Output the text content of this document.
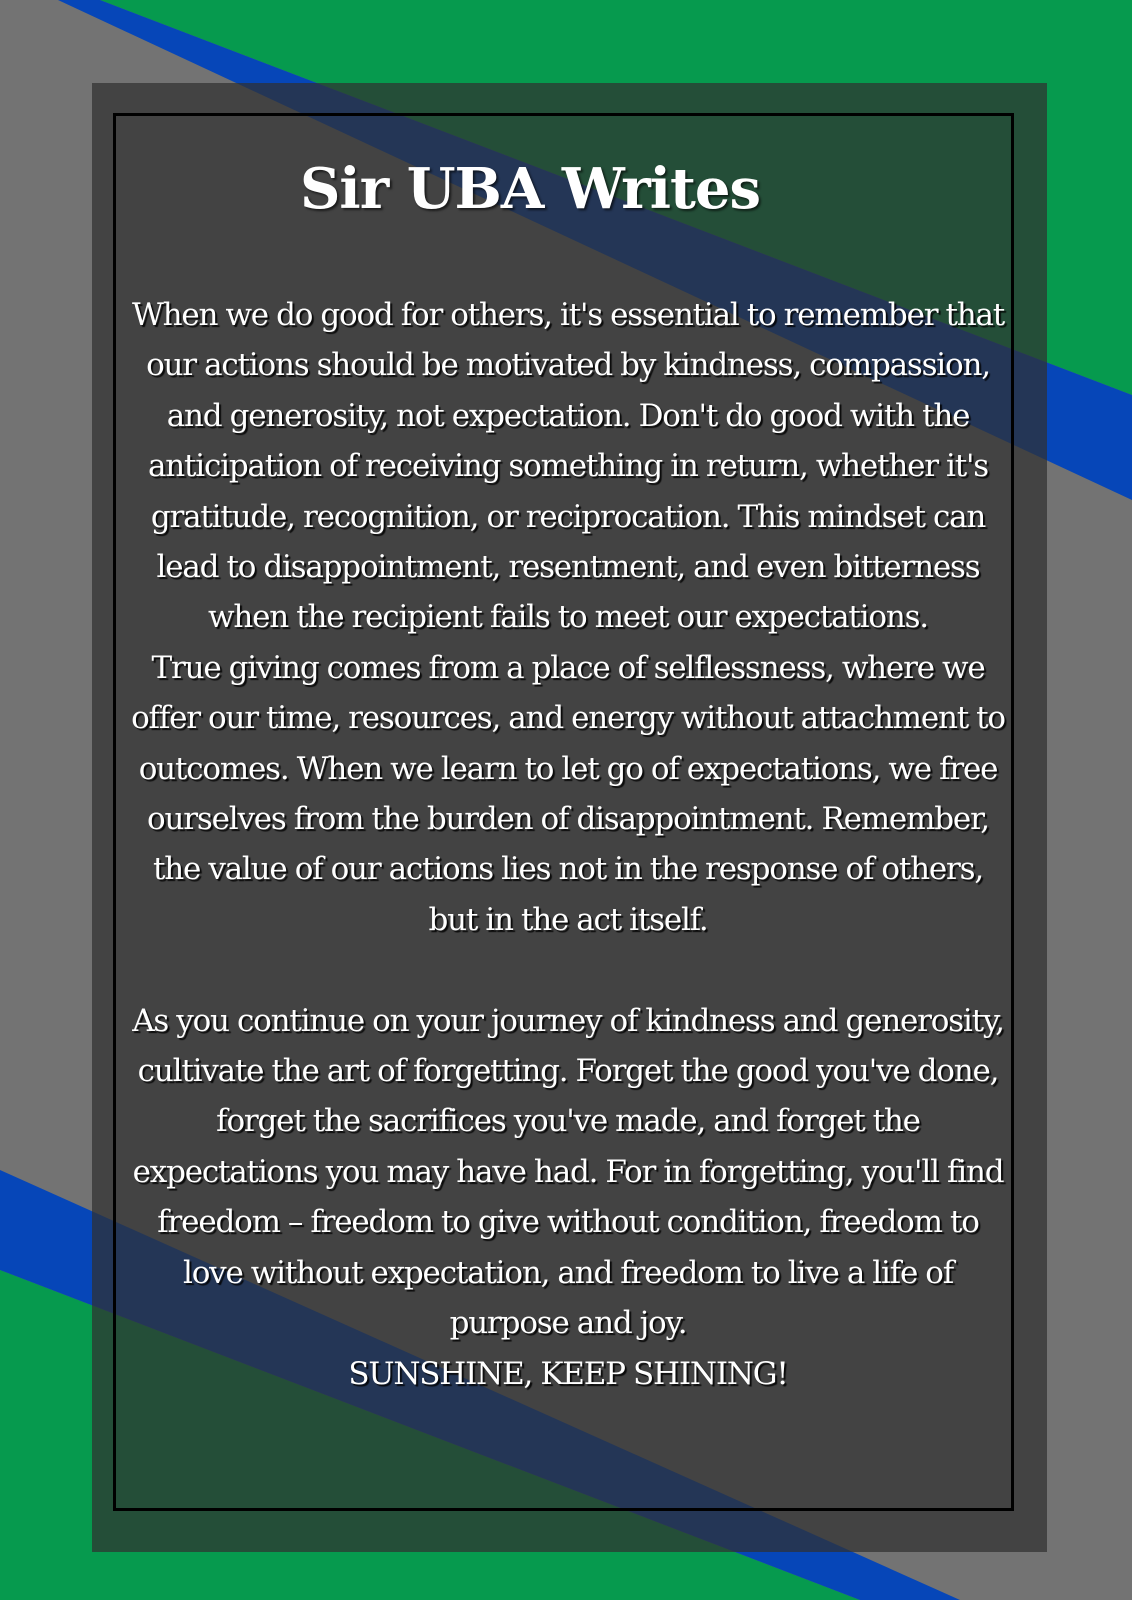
Sir UBA Writes

When we do good for others, it's essential to remember that our actions should be motivated by kindness, compassion, and generosity, not expectation. Don't do good with the anticipation of receiving something in return, whether it's gratitude, recognition, or reciprocation. This mindset can lead to disappointment, resentment, and even bitterness when the recipient fails to meet our expectations.

True giving comes from a place of selflessness, where we offer our time, resources, and energy without attachment to outcomes. When we learn to let go of expectations, we free ourselves from the burden of disappointment. Remember, the value of our actions lies not in the response of others, but in the act itself.

As you continue on your journey of kindness and generosity, cultivate the art of forgetting. Forget the good you've done, forget the sacrifices you've made, and forget the expectations you may have had. For in forgetting, you'll find freedom – freedom to give without condition, freedom to love without expectation, and freedom to live a life of purpose and joy.

SUNSHINE, KEEP SHINING!
